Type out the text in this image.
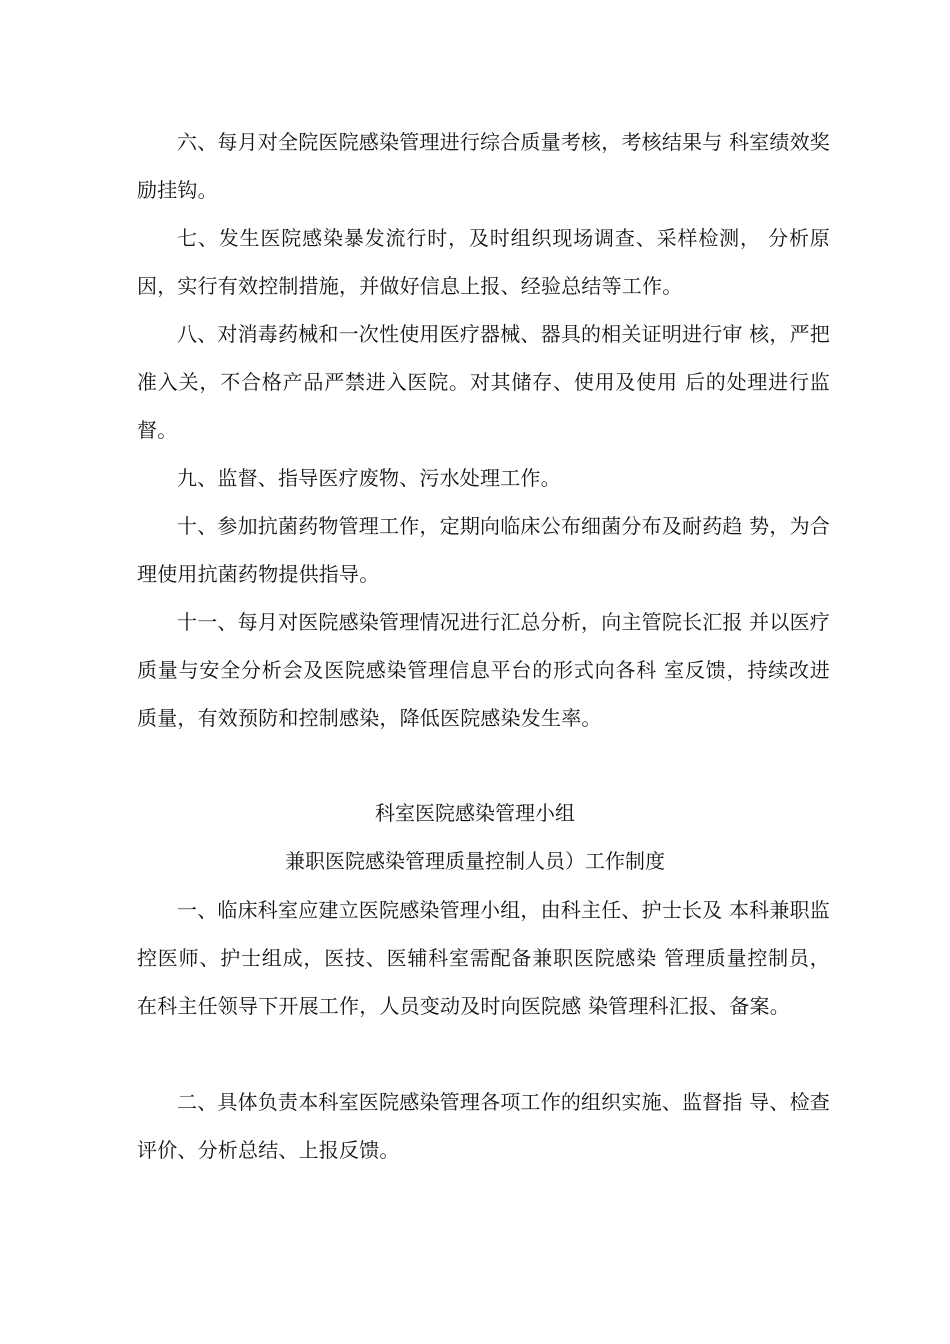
六、每月对全院医院感染管理进行综合质量考核，考核结果与 科室绩效奖励挂钩。

七、发生医院感染暴发流行时，及时组织现场调查、采样检测， 分析原因，实行有效控制措施，并做好信息上报、经验总结等工作。

八、对消毒药械和一次性使用医疗器械、器具的相关证明进行审 核，严把准入关，不合格产品严禁进入医院。对其储存、使用及使用 后的处理进行监督。

九、监督、指导医疗废物、污水处理工作。

十、参加抗菌药物管理工作，定期向临床公布细菌分布及耐药趋 势，为合理使用抗菌药物提供指导。

十一、每月对医院感染管理情况进行汇总分析，向主管院长汇报 并以医疗质量与安全分析会及医院感染管理信息平台的形式向各科 室反馈，持续改进质量，有效预防和控制感染，降低医院感染发生率。

科室医院感染管理小组
兼职医院感染管理质量控制人员）工作制度

一、临床科室应建立医院感染管理小组，由科主任、护士长及 本科兼职监控医师、护士组成，医技、医辅科室需配备兼职医院感染 管理质量控制员，在科主任领导下开展工作，人员变动及时向医院感 染管理科汇报、备案。

二、具体负责本科室医院感染管理各项工作的组织实施、监督指 导、检查评价、分析总结、上报反馈。
